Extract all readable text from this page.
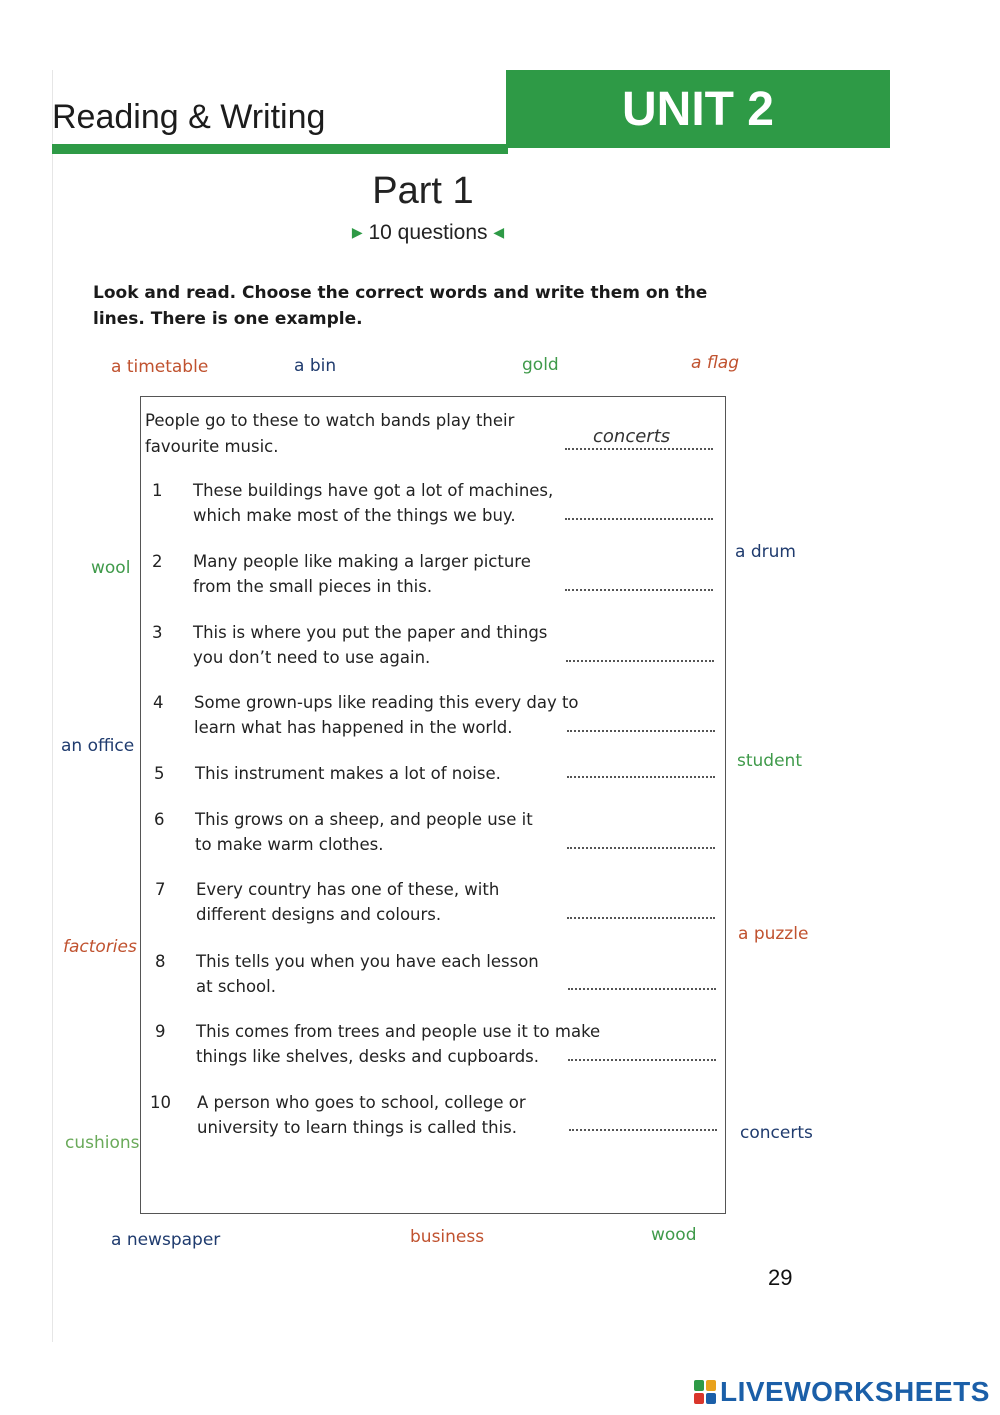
Reading & Writing	UNIT 2
Part 1
▶ 10 questions ◀
Look and read. Choose the correct words and write them on the lines. There is one example.
a timetable	a bin	gold	a flag
wool
a drum
an office
student
factories
a puzzle
cushions	concerts
a newspaper	business	wood
People go to these to watch bands play their
favourite music.	concerts
1 These buildings have got a lot of machines,
which make most of the things we buy.
2 Many people like making a larger picture
from the small pieces in this.
3 This is where you put the paper and things
you don’t need to use again.
4 Some grown-ups like reading this every day to
learn what has happened in the world.
5 This instrument makes a lot of noise.
6 This grows on a sheep, and people use it
to make warm clothes.
7 Every country has one of these, with
different designs and colours.
8 This tells you when you have each lesson
at school.
9 This comes from trees and people use it to make
things like shelves, desks and cupboards.
10 A person who goes to school, college or
university to learn things is called this.
29
LIVEWORKSHEETS
